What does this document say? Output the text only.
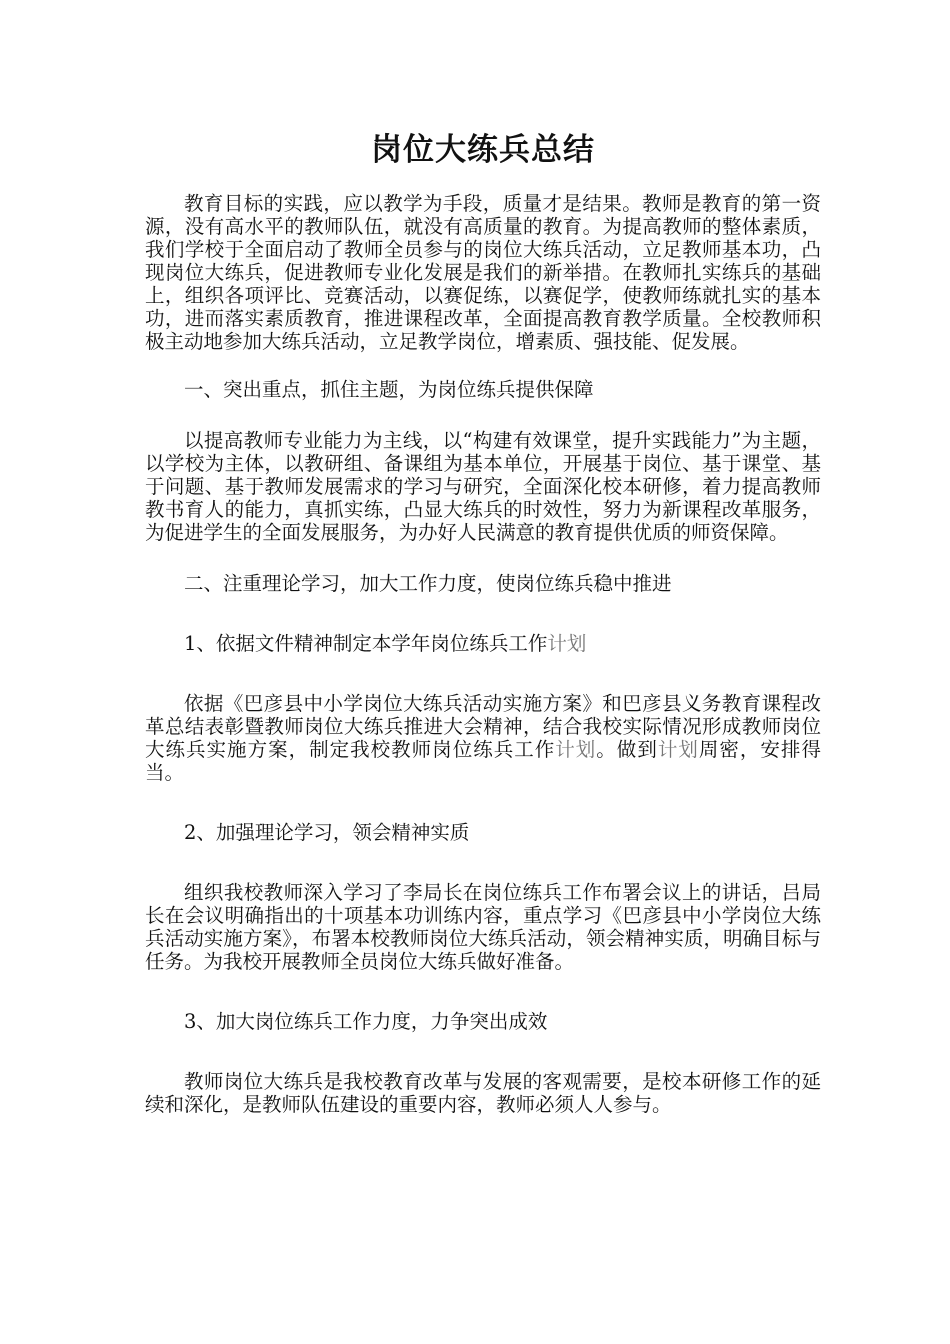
岗位大练兵总结

教育目标的实践，应以教学为手段，质量才是结果。教师是教育的第一资源，没有高水平的教师队伍，就没有高质量的教育。为提高教师的整体素质，我们学校于全面启动了教师全员参与的岗位大练兵活动，立足教师基本功，凸现岗位大练兵，促进教师专业化发展是我们的新举措。在教师扎实练兵的基础上，组织各项评比、竞赛活动，以赛促练，以赛促学，使教师练就扎实的基本功，进而落实素质教育，推进课程改革，全面提高教育教学质量。全校教师积极主动地参加大练兵活动，立足教学岗位，增素质、强技能、促发展。

一、突出重点，抓住主题，为岗位练兵提供保障

以提高教师专业能力为主线，以“构建有效课堂，提升实践能力”为主题，以学校为主体，以教研组、备课组为基本单位，开展基于岗位、基于课堂、基于问题、基于教师发展需求的学习与研究，全面深化校本研修，着力提高教师教书育人的能力，真抓实练，凸显大练兵的时效性，努力为新课程改革服务，为促进学生的全面发展服务，为办好人民满意的教育提供优质的师资保障。

二、注重理论学习，加大工作力度，使岗位练兵稳中推进

1、依据文件精神制定本学年岗位练兵工作计划

依据《巴彦县中小学岗位大练兵活动实施方案》和巴彦县义务教育课程改革总结表彰暨教师岗位大练兵推进大会精神，结合我校实际情况形成教师岗位大练兵实施方案，制定我校教师岗位练兵工作计划。做到计划周密，安排得当。

2、加强理论学习，领会精神实质

组织我校教师深入学习了李局长在岗位练兵工作布署会议上的讲话，吕局长在会议明确指出的十项基本功训练内容，重点学习《巴彦县中小学岗位大练兵活动实施方案》，布署本校教师岗位大练兵活动，领会精神实质，明确目标与任务。为我校开展教师全员岗位大练兵做好准备。

3、加大岗位练兵工作力度，力争突出成效

教师岗位大练兵是我校教育改革与发展的客观需要，是校本研修工作的延续和深化，是教师队伍建设的重要内容，教师必须人人参与。
